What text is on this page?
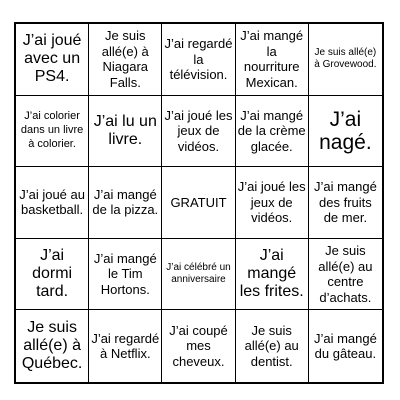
J’ai joué avec un PS4.
Je suis allé(e) à Niagara Falls.
J’ai regardé la télévision.
J’ai mangé la nourriture Mexican.
Je suis allé(e) à Grovewood.
J’ai colorier dans un livre à colorier.
J’ai lu un livre.
J’ai joué les jeux de vidéos.
J’ai mangé de la crème glacée.
J’ai nagé.
J’ai joué au basketball.
J’ai mangé de la pizza.
GRATUIT
J’ai joué les jeux de vidéos.
J’ai mangé des fruits de mer.
J’ai dormi tard.
J’ai mangé le Tim Hortons.
J’ai célébré un anniversaire
J’ai mangé les frites.
Je suis allé(e) au centre d’achats.
Je suis allé(e) à Québec.
J’ai regardé à Netflix.
J’ai coupé mes cheveux.
Je suis allé(e) au dentist.
J’ai mangé du gâteau.
